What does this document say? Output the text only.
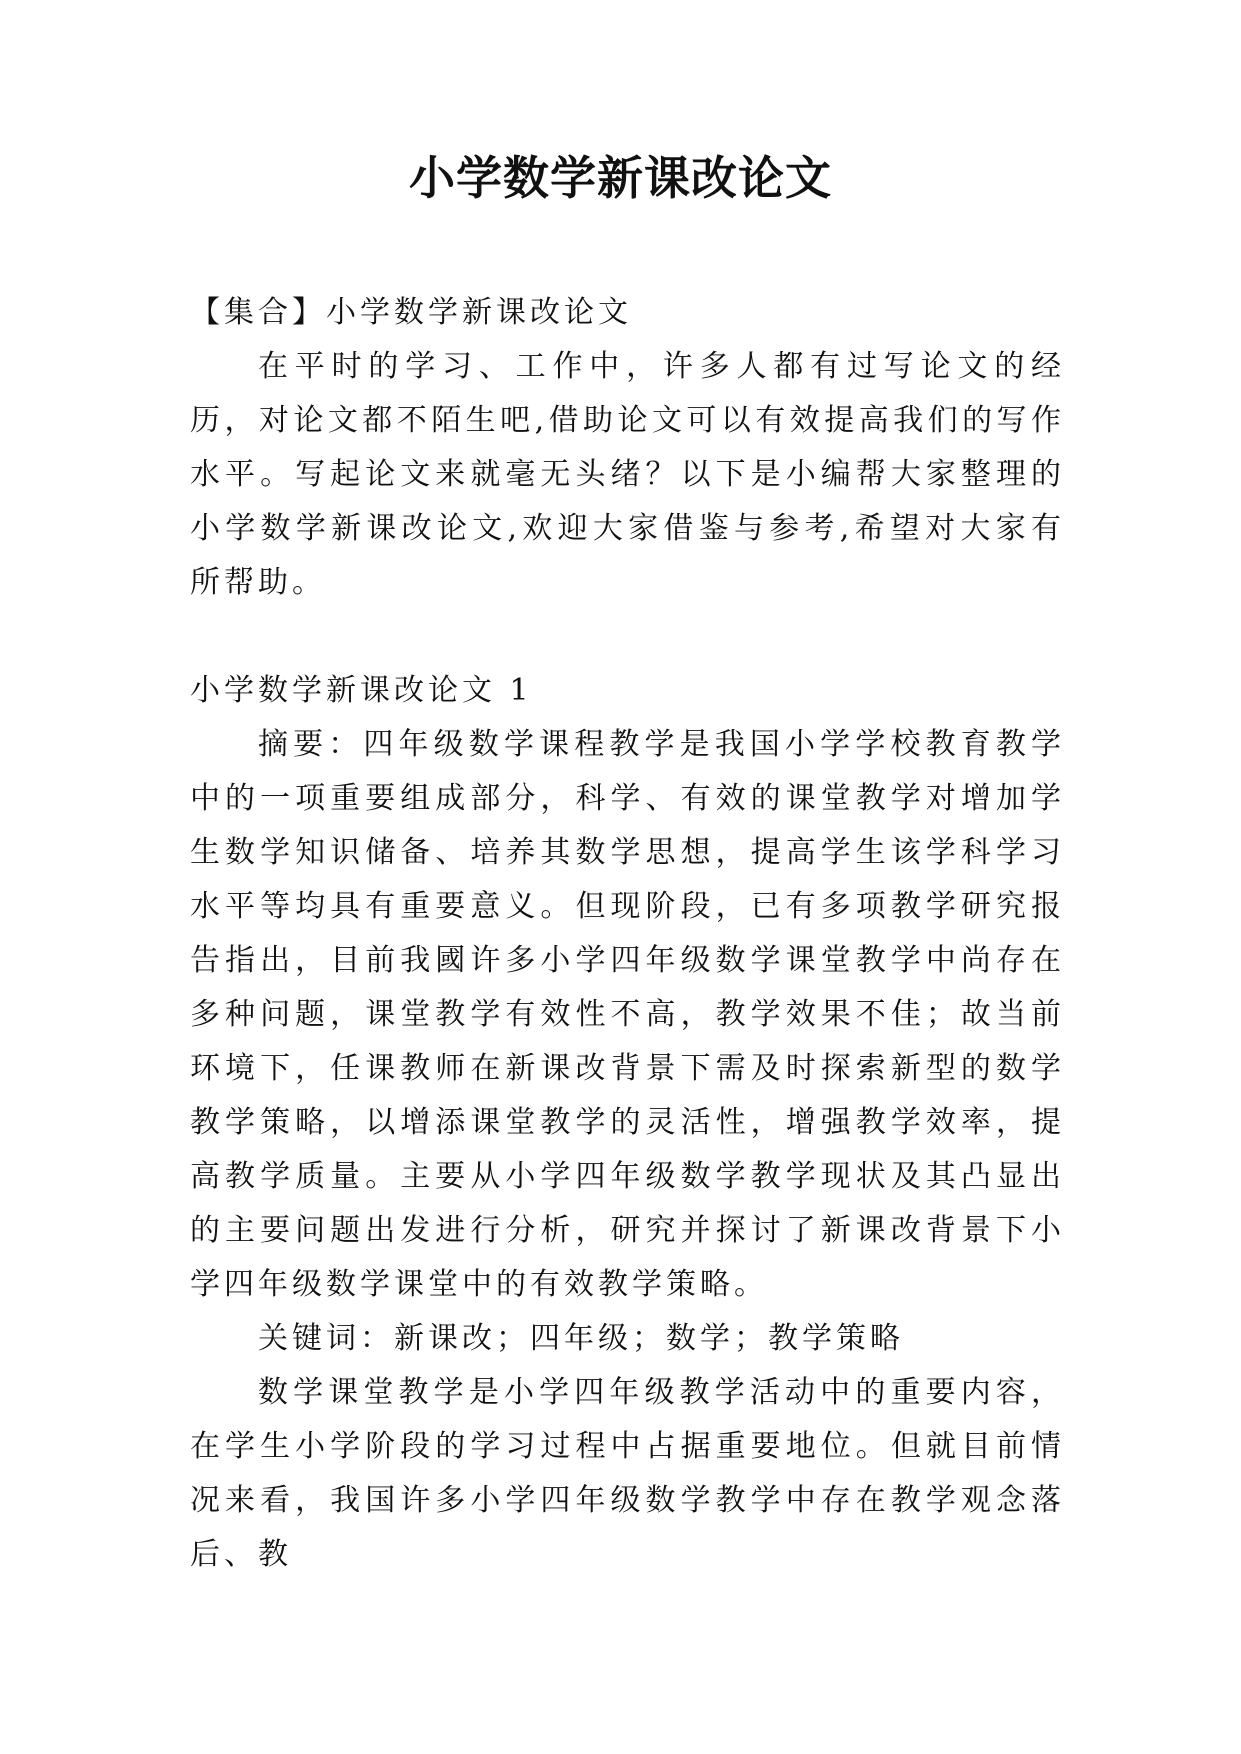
小学数学新课改论文

【集合】小学数学新课改论文

在平时的学习、工作中，许多人都有过写论文的经历，对论文都不陌生吧,借助论文可以有效提高我们的写作水平。写起论文来就毫无头绪？以下是小编帮大家整理的小学数学新课改论文,欢迎大家借鉴与参考,希望对大家有所帮助。

小学数学新课改论文 1

摘要：四年级数学课程教学是我国小学学校教育教学中的一项重要组成部分，科学、有效的课堂教学对增加学生数学知识储备、培养其数学思想，提高学生该学科学习水平等均具有重要意义。但现阶段，已有多项教学研究报告指出，目前我國许多小学四年级数学课堂教学中尚存在多种问题，课堂教学有效性不高，教学效果不佳；故当前环境下，任课教师在新课改背景下需及时探索新型的数学教学策略，以增添课堂教学的灵活性，增强教学效率，提高教学质量。主要从小学四年级数学教学现状及其凸显出的主要问题出发进行分析，研究并探讨了新课改背景下小学四年级数学课堂中的有效教学策略。

关键词：新课改；四年级；数学；教学策略

数学课堂教学是小学四年级教学活动中的重要内容，在学生小学阶段的学习过程中占据重要地位。但就目前情况来看，我国许多小学四年级数学教学中存在教学观念落后、教
